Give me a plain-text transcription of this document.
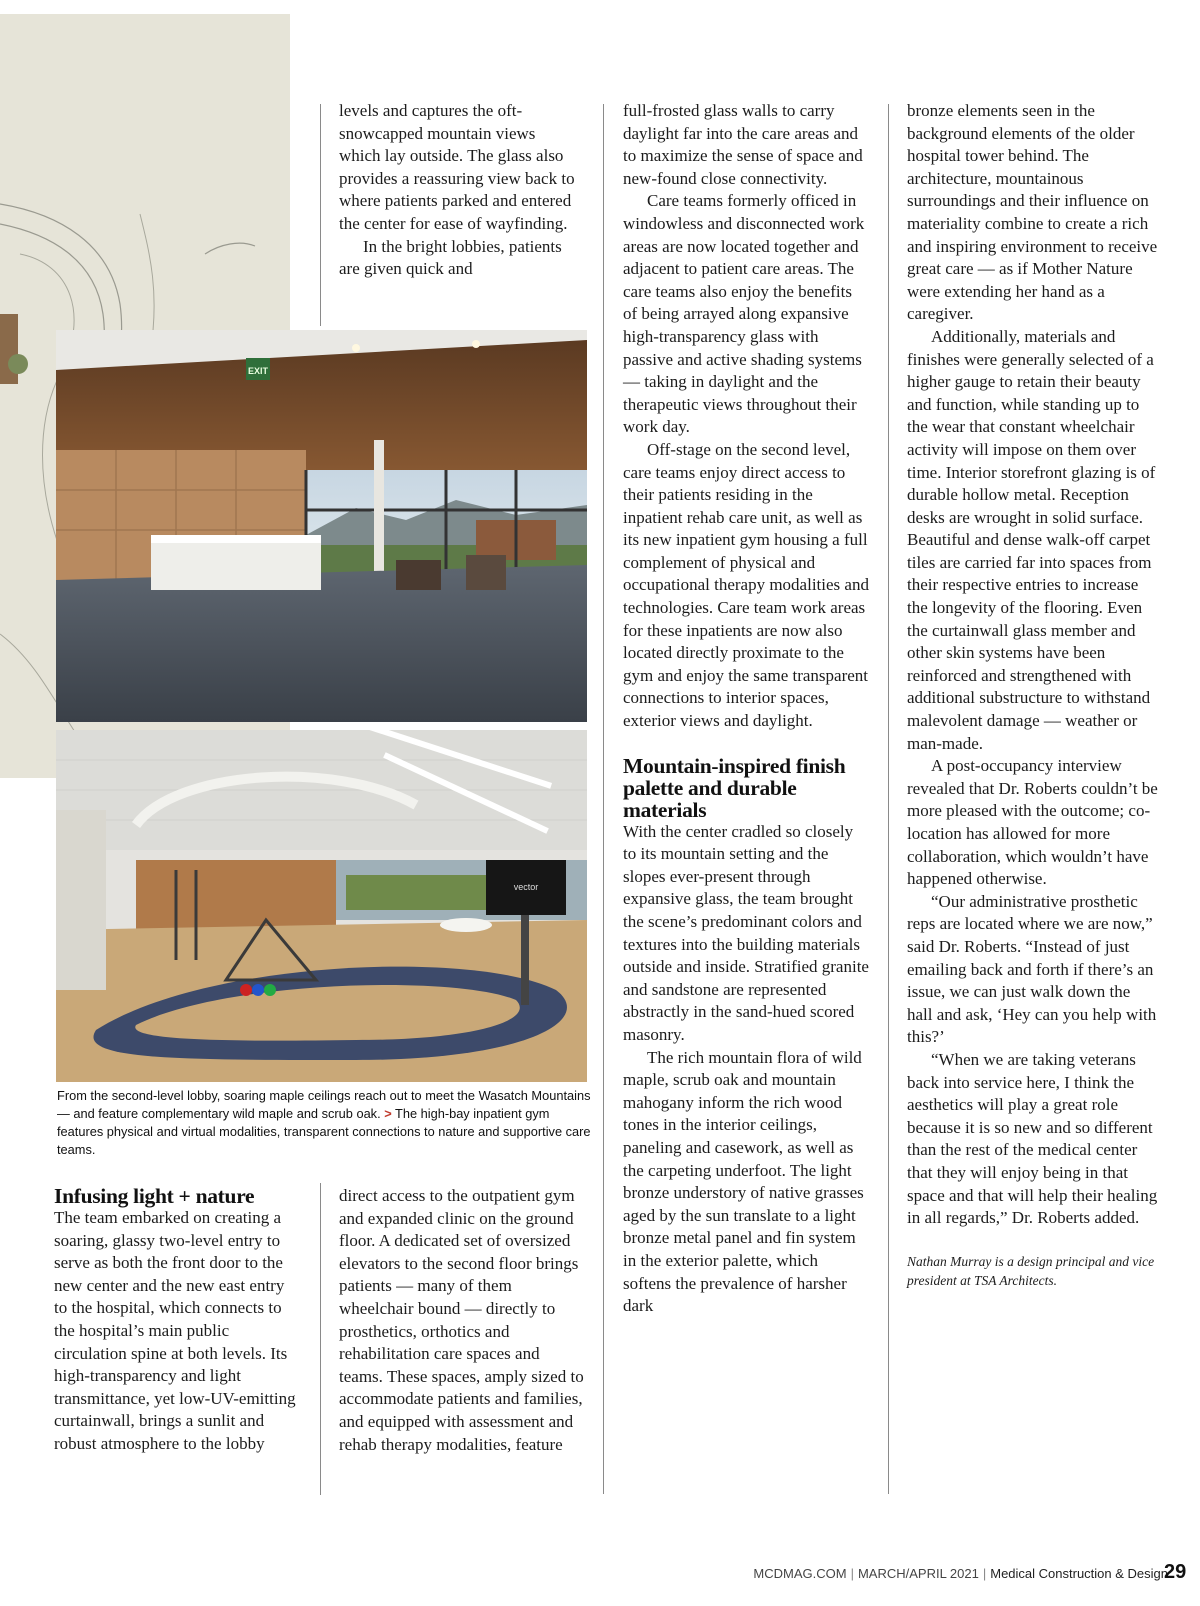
levels and captures the oft-snowcapped mountain views which lay outside. The glass also provides a reassuring view back to where patients parked and entered the center for ease of wayfinding.

In the bright lobbies, patients are given quick and

full-frosted glass walls to carry daylight far into the care areas and to maximize the sense of space and new-found close connectivity.

Care teams formerly officed in windowless and disconnected work areas are now located together and adjacent to patient care areas. The care teams also enjoy the benefits of being arrayed along expansive high-transparency glass with passive and active shading systems — taking in daylight and the therapeutic views throughout their work day.

Off-stage on the second level, care teams enjoy direct access to their patients residing in the inpatient rehab care unit, as well as its new inpatient gym housing a full complement of physical and occupational therapy modalities and technologies. Care team work areas for these inpatients are now also located directly proximate to the gym and enjoy the same transparent connections to interior spaces, exterior views and daylight.

Mountain-inspired finish palette and durable materials

With the center cradled so closely to its mountain setting and the slopes ever-present through expansive glass, the team brought the scene’s predominant colors and textures into the building materials outside and inside. Stratified granite and sandstone are represented abstractly in the sand-hued scored masonry.

The rich mountain flora of wild maple, scrub oak and mountain mahogany inform the rich wood tones in the interior ceilings, paneling and casework, as well as the carpeting underfoot. The light bronze understory of native grasses aged by the sun translate to a light bronze metal panel and fin system in the exterior palette, which softens the prevalence of harsher dark

bronze elements seen in the background elements of the older hospital tower behind. The architecture, mountainous surroundings and their influence on materiality combine to create a rich and inspiring environment to receive great care — as if Mother Nature were extending her hand as a caregiver.

Additionally, materials and finishes were generally selected of a higher gauge to retain their beauty and function, while standing up to the wear that constant wheelchair activity will impose on them over time. Interior storefront glazing is of durable hollow metal. Reception desks are wrought in solid surface. Beautiful and dense walk-off carpet tiles are carried far into spaces from their respective entries to increase the longevity of the flooring. Even the curtainwall glass member and other skin systems have been reinforced and strengthened with additional substructure to withstand malevolent damage — weather or man-made.

A post-occupancy interview revealed that Dr. Roberts couldn’t be more pleased with the outcome; co-location has allowed for more collaboration, which wouldn’t have happened otherwise.

“Our administrative prosthetic reps are located where we are now,” said Dr. Roberts. “Instead of just emailing back and forth if there’s an issue, we can just walk down the hall and ask, ‘Hey can you help with this?’

“When we are taking veterans back into service here, I think the aesthetics will play a great role because it is so new and so different than the rest of the medical center that they will enjoy being in that space and that will help their healing in all regards,” Dr. Roberts added.

Nathan Murray is a design principal and vice president at TSA Architects.

EXIT
vector

From the second-level lobby, soaring maple ceilings reach out to meet the Wasatch Mountains — and feature complementary wild maple and scrub oak. > The high-bay inpatient gym features physical and virtual modalities, transparent connections to nature and supportive care teams.

Infusing light + nature

The team embarked on creating a soaring, glassy two-level entry to serve as both the front door to the new center and the new east entry to the hospital, which connects to the hospital’s main public circulation spine at both levels. Its high-transparency and light transmittance, yet low-UV-emitting curtainwall, brings a sunlit and robust atmosphere to the lobby

direct access to the outpatient gym and expanded clinic on the ground floor. A dedicated set of oversized elevators to the second floor brings patients — many of them wheelchair bound — directly to prosthetics, orthotics and rehabilitation care spaces and teams. These spaces, amply sized to accommodate patients and families, and equipped with assessment and rehab therapy modalities, feature

MCDMAG.COM | MARCH/APRIL 2021 | Medical Construction & Design
29
